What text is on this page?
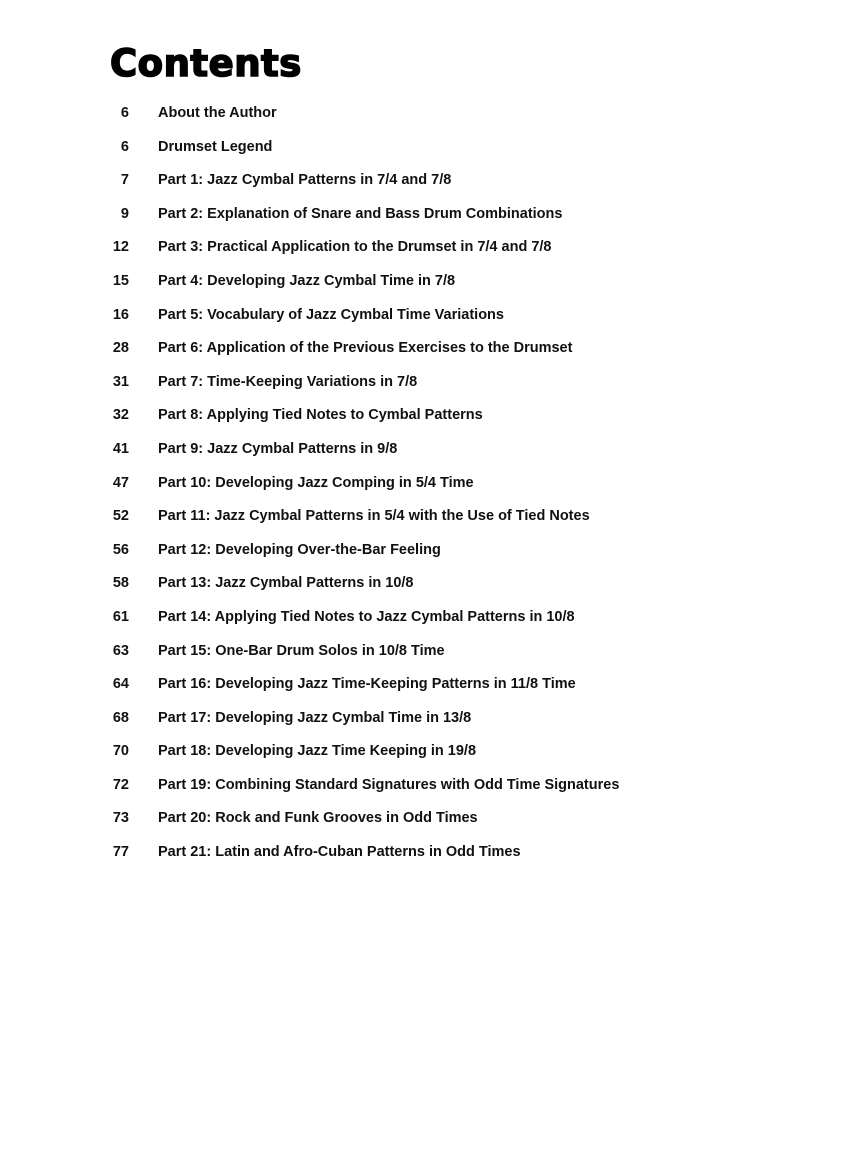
Contents
6 About the Author
6 Drumset Legend
7 Part 1: Jazz Cymbal Patterns in 7/4 and 7/8
9 Part 2: Explanation of Snare and Bass Drum Combinations
12 Part 3: Practical Application to the Drumset in 7/4 and 7/8
15 Part 4: Developing Jazz Cymbal Time in 7/8
16 Part 5: Vocabulary of Jazz Cymbal Time Variations
28 Part 6: Application of the Previous Exercises to the Drumset
31 Part 7: Time-Keeping Variations in 7/8
32 Part 8: Applying Tied Notes to Cymbal Patterns
41 Part 9: Jazz Cymbal Patterns in 9/8
47 Part 10: Developing Jazz Comping in 5/4 Time
52 Part 11: Jazz Cymbal Patterns in 5/4 with the Use of Tied Notes
56 Part 12: Developing Over-the-Bar Feeling
58 Part 13: Jazz Cymbal Patterns in 10/8
61 Part 14: Applying Tied Notes to Jazz Cymbal Patterns in 10/8
63 Part 15: One-Bar Drum Solos in 10/8 Time
64 Part 16: Developing Jazz Time-Keeping Patterns in 11/8 Time
68 Part 17: Developing Jazz Cymbal Time in 13/8
70 Part 18: Developing Jazz Time Keeping in 19/8
72 Part 19: Combining Standard Signatures with Odd Time Signatures
73 Part 20: Rock and Funk Grooves in Odd Times
77 Part 21: Latin and Afro-Cuban Patterns in Odd Times
